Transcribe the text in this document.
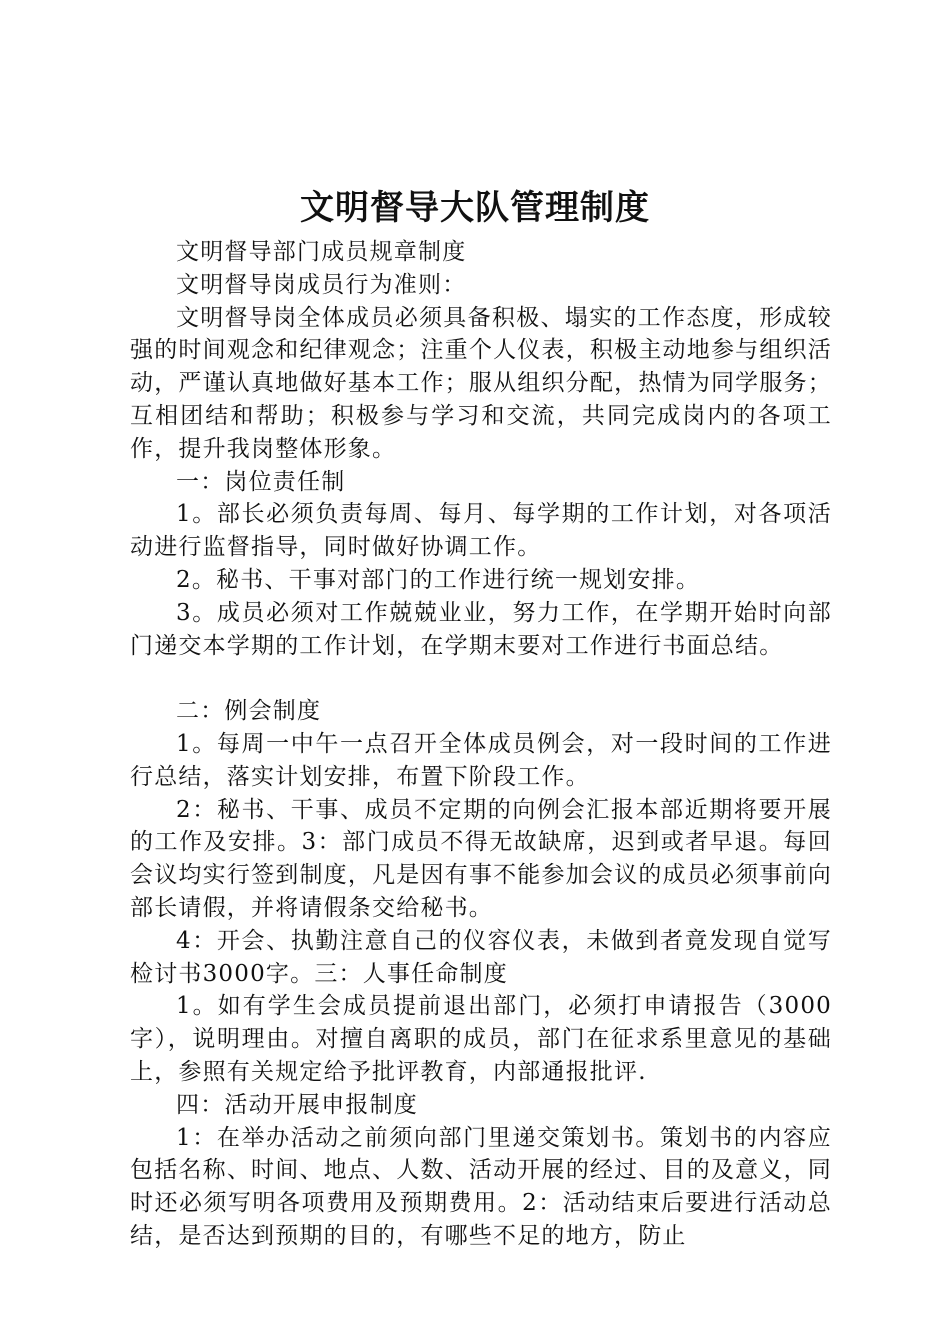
文明督导大队管理制度

文明督导部门成员规章制度

文明督导岗成员行为准则：

文明督导岗全体成员必须具备积极、塌实的工作态度，形成较强的时间观念和纪律观念；注重个人仪表，积极主动地参与组织活动，严谨认真地做好基本工作；服从组织分配，热情为同学服务；互相团结和帮助；积极参与学习和交流，共同完成岗内的各项工作，提升我岗整体形象。

一：岗位责任制

1。部长必须负责每周、每月、每学期的工作计划，对各项活动进行监督指导，同时做好协调工作。

2。秘书、干事对部门的工作进行统一规划安排。

3。成员必须对工作兢兢业业，努力工作，在学期开始时向部门递交本学期的工作计划，在学期末要对工作进行书面总结。

二：例会制度

1。每周一中午一点召开全体成员例会，对一段时间的工作进行总结，落实计划安排，布置下阶段工作。

2：秘书、干事、成员不定期的向例会汇报本部近期将要开展的工作及安排。3：部门成员不得无故缺席，迟到或者早退。每回会议均实行签到制度，凡是因有事不能参加会议的成员必须事前向部长请假，并将请假条交给秘书。

4：开会、执勤注意自己的仪容仪表，未做到者竟发现自觉写检讨书3000字。三：人事任命制度

1。如有学生会成员提前退出部门，必须打申请报告（3000字），说明理由。对擅自离职的成员，部门在征求系里意见的基础上，参照有关规定给予批评教育，内部通报批评.

四：活动开展申报制度

1：在举办活动之前须向部门里递交策划书。策划书的内容应包括名称、时间、地点、人数、活动开展的经过、目的及意义，同时还必须写明各项费用及预期费用。2：活动结束后要进行活动总结，是否达到预期的目的，有哪些不足的地方，防止
